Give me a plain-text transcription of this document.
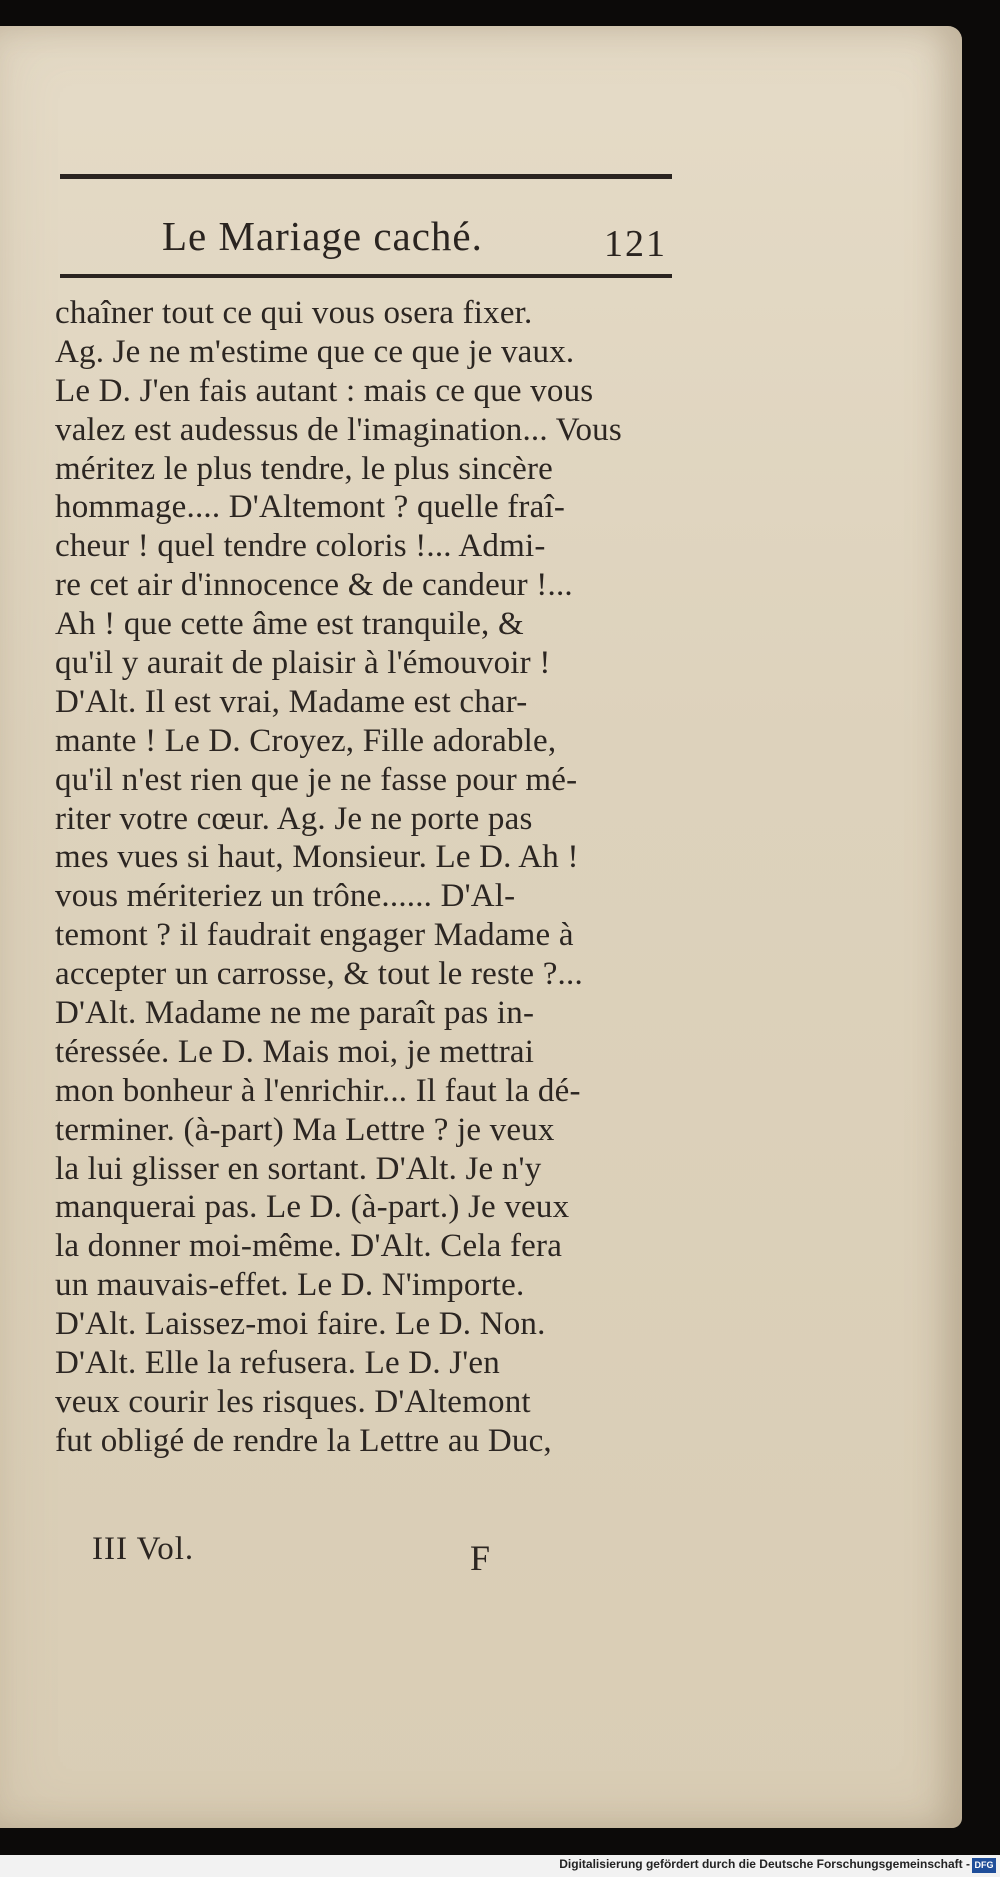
Le Mariage caché.	121
chaîner tout ce qui vous osera fixer.
Ag. Je ne m'estime que ce que je vaux.
Le D. J'en fais autant : mais ce que vous
valez est audessus de l'imagination... Vous
méritez le plus tendre, le plus sincère
hommage.... D'Altemont ? quelle fraî-
cheur ! quel tendre coloris !... Admi-
re cet air d'innocence & de candeur !...
Ah ! que cette âme est tranquile, &
qu'il y aurait de plaisir à l'émouvoir !
D'Alt. Il est vrai, Madame est char-
mante ! Le D. Croyez, Fille adorable,
qu'il n'est rien que je ne fasse pour mé-
riter votre cœur. Ag. Je ne porte pas
mes vues si haut, Monsieur. Le D. Ah !
vous mériteriez un trône...... D'Al-
temont ? il faudrait engager Madame à
accepter un carrosse, & tout le reste ?...
D'Alt. Madame ne me paraît pas in-
téressée. Le D. Mais moi, je mettrai
mon bonheur à l'enrichir... Il faut la dé-
terminer. (à-part) Ma Lettre ? je veux
la lui glisser en sortant. D'Alt. Je n'y
manquerai pas. Le D. (à-part.) Je veux
la donner moi-même. D'Alt. Cela fera
un mauvais-effet. Le D. N'importe.
D'Alt. Laissez-moi faire. Le D. Non.
D'Alt. Elle la refusera. Le D. J'en
veux courir les risques. D'Altemont
fut obligé de rendre la Lettre au Duc,
III Vol.	F
Digitalisierung gefördert durch die Deutsche Forschungsgemeinschaft - DFG
